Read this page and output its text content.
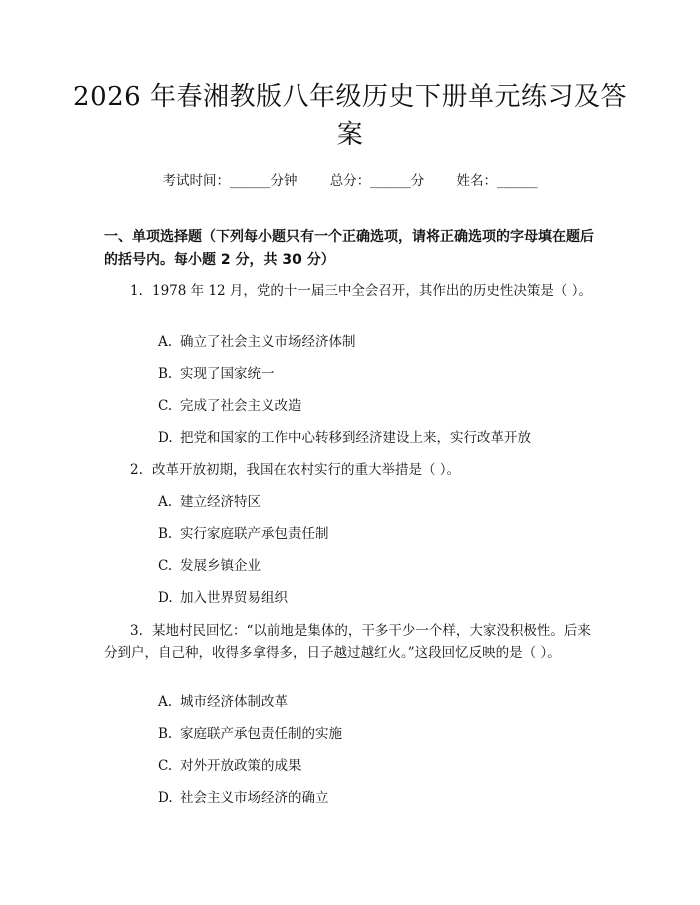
2026 年春湘教版八年级历史下册单元练习及答案
考试时间：______分钟 总分：______分 姓名：______
一、单项选择题（下列每小题只有一个正确选项，请将正确选项的字母填在题后的括号内。每小题 2 分，共 30 分）
1. 1978 年 12 月，党的十一届三中全会召开，其作出的历史性决策是（ ）。
A. 确立了社会主义市场经济体制
B. 实现了国家统一
C. 完成了社会主义改造
D. 把党和国家的工作中心转移到经济建设上来，实行改革开放
2. 改革开放初期，我国在农村实行的重大举措是（ ）。
A. 建立经济特区
B. 实行家庭联产承包责任制
C. 发展乡镇企业
D. 加入世界贸易组织
3. 某地村民回忆：“以前地是集体的，干多干少一个样，大家没积极性。后来分到户，自己种，收得多拿得多，日子越过越红火。”这段回忆反映的是（ ）。
A. 城市经济体制改革
B. 家庭联产承包责任制的实施
C. 对外开放政策的成果
D. 社会主义市场经济的确立
